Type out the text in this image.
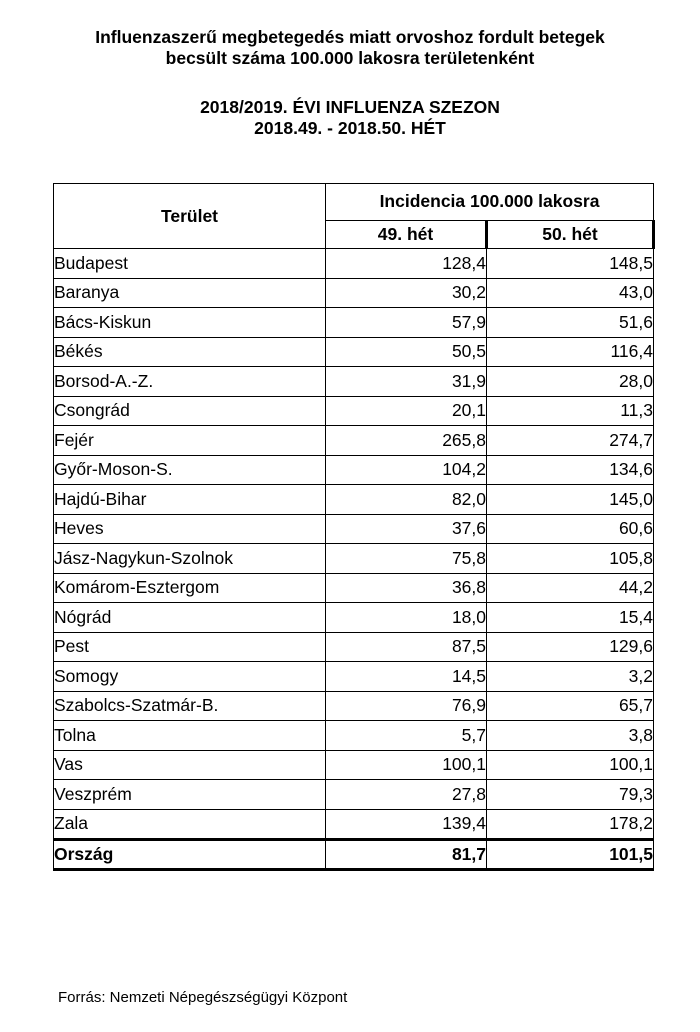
Influenzaszerű megbetegedés miatt orvoshoz fordult betegek
becsült száma 100.000 lakosra területenként
2018/2019. ÉVI INFLUENZA SZEZON
2018.49. - 2018.50. HÉT
Terület	Incidencia 100.000 lakosra	
	49. hét	50. hét
Budapest	128,4	148,5
Baranya	30,2	43,0
Bács-Kiskun	57,9	51,6
Békés	50,5	116,4
Borsod-A.-Z.	31,9	28,0
Csongrád	20,1	11,3
Fejér	265,8	274,7
Győr-Moson-S.	104,2	134,6
Hajdú-Bihar	82,0	145,0
Heves	37,6	60,6
Jász-Nagykun-Szolnok	75,8	105,8
Komárom-Esztergom	36,8	44,2
Nógrád	18,0	15,4
Pest	87,5	129,6
Somogy	14,5	3,2
Szabolcs-Szatmár-B.	76,9	65,7
Tolna	5,7	3,8
Vas	100,1	100,1
Veszprém	27,8	79,3
Zala	139,4	178,2
Ország	81,7	101,5
Forrás: Nemzeti Népegészségügyi Központ
